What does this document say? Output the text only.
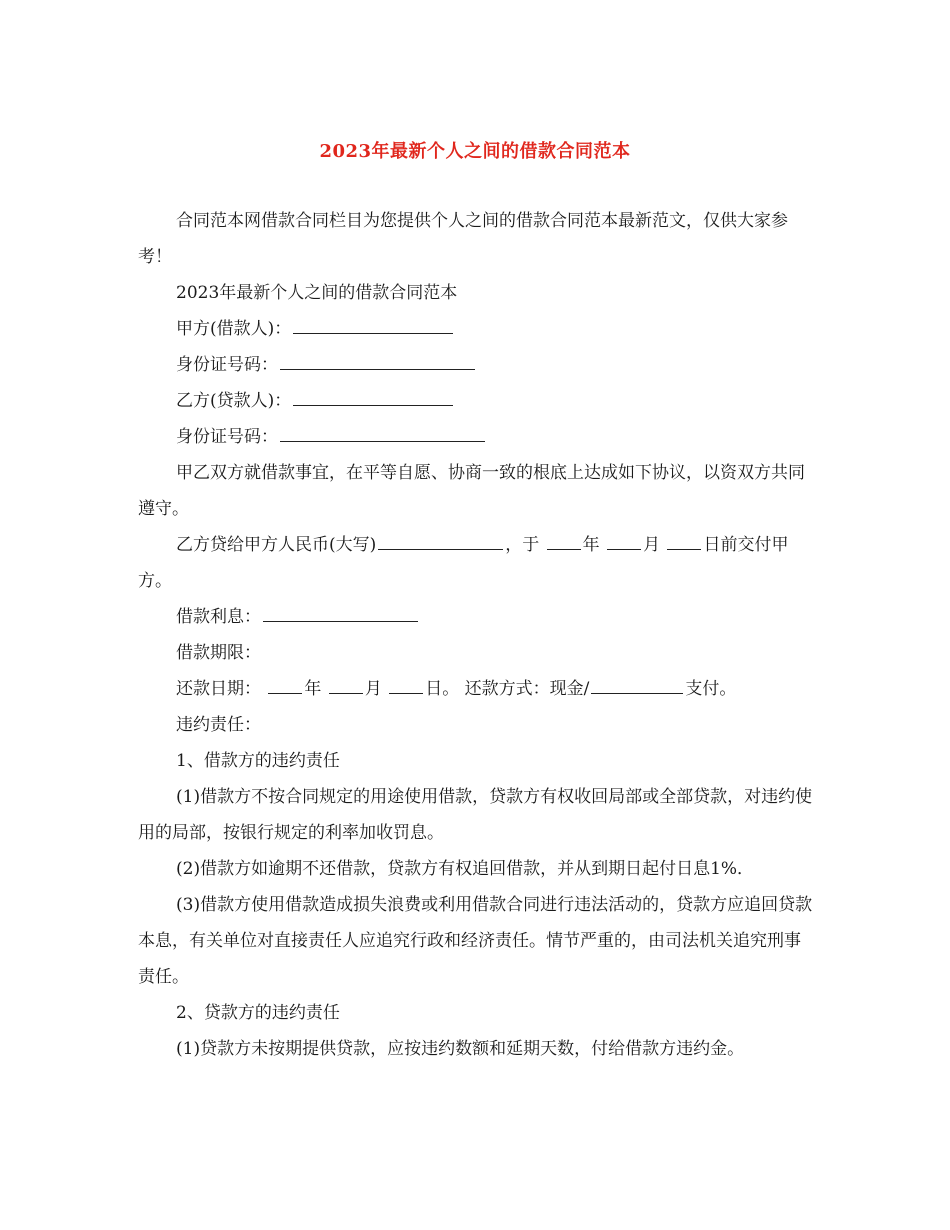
2023年最新个人之间的借款合同范本

合同范本网借款合同栏目为您提供个人之间的借款合同范本最新范文，仅供大家参考！

2023年最新个人之间的借款合同范本

甲方(借款人)：

身份证号码：

乙方(贷款人)：

身份证号码：

甲乙双方就借款事宜，在平等自愿、协商一致的根底上达成如下协议，以资双方共同遵守。

乙方贷给甲方人民币(大写)	，于	年	月	日前交付甲方。

借款利息：

借款期限：

还款日期：	年	月	日。 还款方式：现金/	支付。

违约责任：

1、借款方的违约责任

(1)借款方不按合同规定的用途使用借款，贷款方有权收回局部或全部贷款，对违约使用的局部，按银行规定的利率加收罚息。

(2)借款方如逾期不还借款，贷款方有权追回借款，并从到期日起付日息1%．

(3)借款方使用借款造成损失浪费或利用借款合同进行违法活动的，贷款方应追回贷款本息，有关单位对直接责任人应追究行政和经济责任。情节严重的，由司法机关追究刑事责任。

2、贷款方的违约责任

(1)贷款方未按期提供贷款，应按违约数额和延期天数，付给借款方违约金。
